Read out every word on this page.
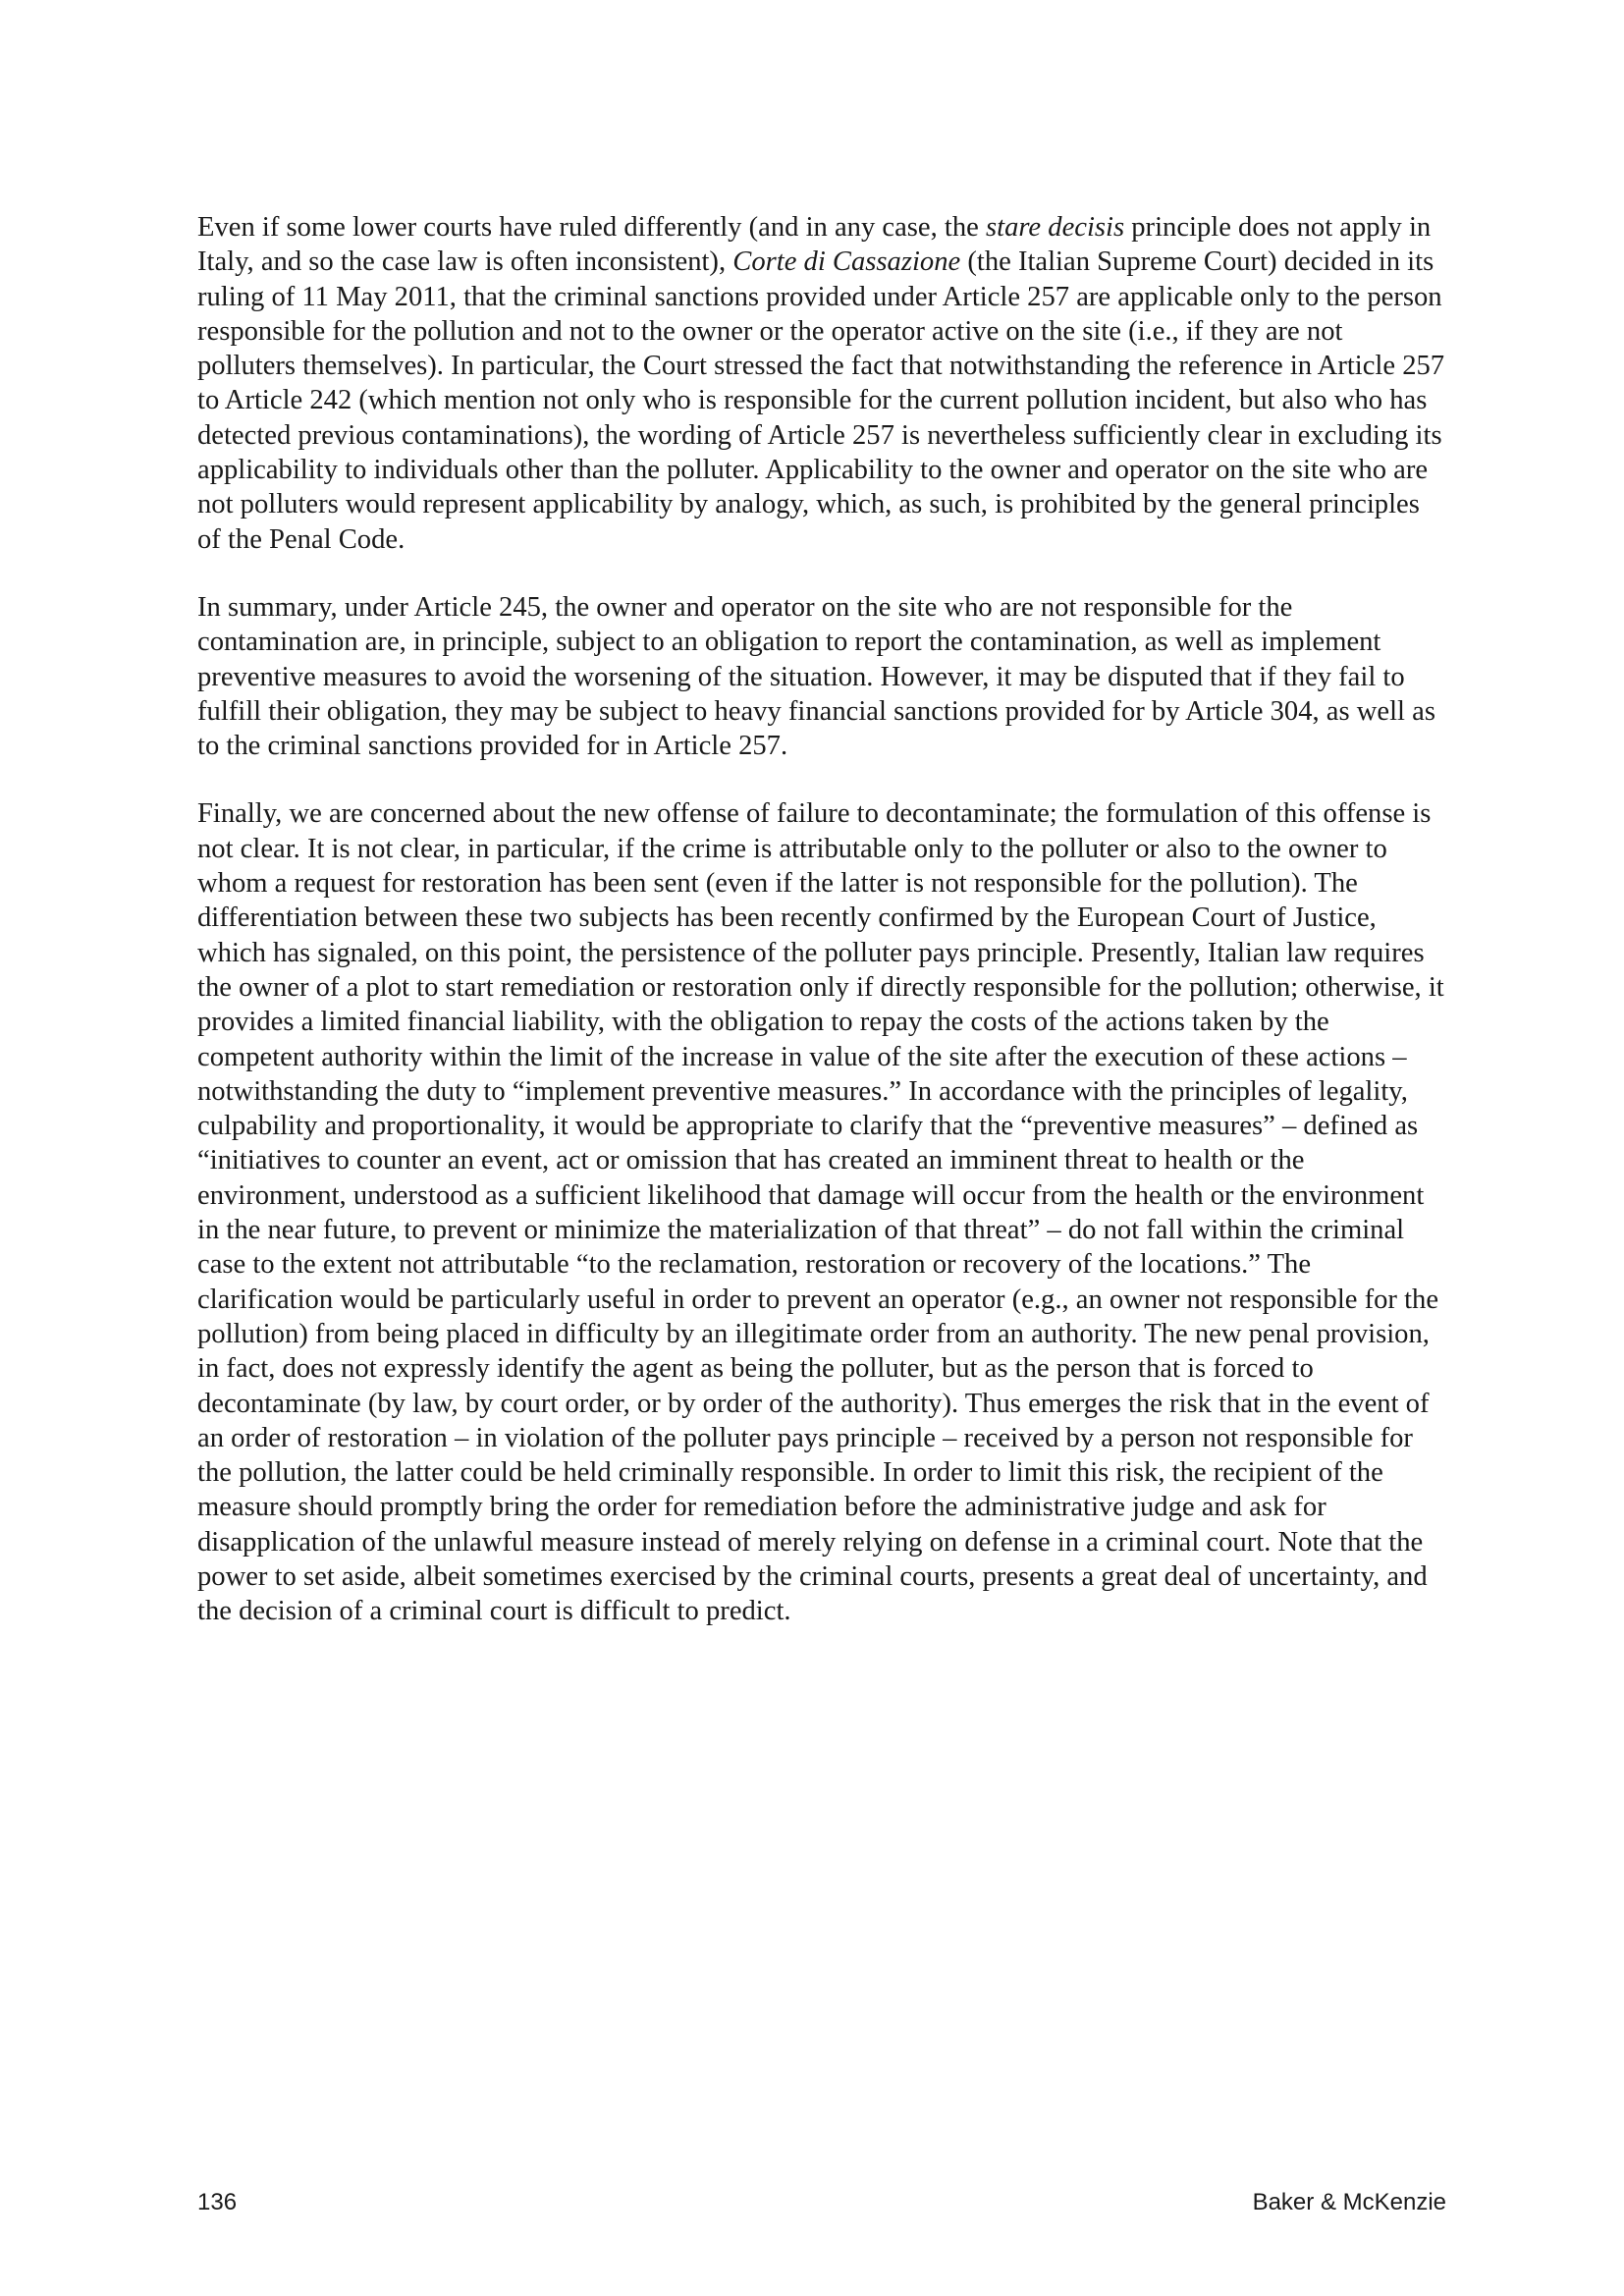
Even if some lower courts have ruled differently (and in any case, the stare decisis principle does not apply in Italy, and so the case law is often inconsistent), Corte di Cassazione (the Italian Supreme Court) decided in its ruling of 11 May 2011, that the criminal sanctions provided under Article 257 are applicable only to the person responsible for the pollution and not to the owner or the operator active on the site (i.e., if they are not polluters themselves). In particular, the Court stressed the fact that notwithstanding the reference in Article 257 to Article 242 (which mention not only who is responsible for the current pollution incident, but also who has detected previous contaminations), the wording of Article 257 is nevertheless sufficiently clear in excluding its applicability to individuals other than the polluter. Applicability to the owner and operator on the site who are not polluters would represent applicability by analogy, which, as such, is prohibited by the general principles of the Penal Code.

In summary, under Article 245, the owner and operator on the site who are not responsible for the contamination are, in principle, subject to an obligation to report the contamination, as well as implement preventive measures to avoid the worsening of the situation. However, it may be disputed that if they fail to fulfill their obligation, they may be subject to heavy financial sanctions provided for by Article 304, as well as to the criminal sanctions provided for in Article 257.

Finally, we are concerned about the new offense of failure to decontaminate; the formulation of this offense is not clear. It is not clear, in particular, if the crime is attributable only to the polluter or also to the owner to whom a request for restoration has been sent (even if the latter is not responsible for the pollution). The differentiation between these two subjects has been recently confirmed by the European Court of Justice, which has signaled, on this point, the persistence of the polluter pays principle. Presently, Italian law requires the owner of a plot to start remediation or restoration only if directly responsible for the pollution; otherwise, it provides a limited financial liability, with the obligation to repay the costs of the actions taken by the competent authority within the limit of the increase in value of the site after the execution of these actions – notwithstanding the duty to “implement preventive measures.” In accordance with the principles of legality, culpability and proportionality, it would be appropriate to clarify that the “preventive measures” – defined as “initiatives to counter an event, act or omission that has created an imminent threat to health or the environment, understood as a sufficient likelihood that damage will occur from the health or the environment in the near future, to prevent or minimize the materialization of that threat” – do not fall within the criminal case to the extent not attributable “to the reclamation, restoration or recovery of the locations.” The clarification would be particularly useful in order to prevent an operator (e.g., an owner not responsible for the pollution) from being placed in difficulty by an illegitimate order from an authority. The new penal provision, in fact, does not expressly identify the agent as being the polluter, but as the person that is forced to decontaminate (by law, by court order, or by order of the authority). Thus emerges the risk that in the event of an order of restoration – in violation of the polluter pays principle – received by a person not responsible for the pollution, the latter could be held criminally responsible. In order to limit this risk, the recipient of the measure should promptly bring the order for remediation before the administrative judge and ask for disapplication of the unlawful measure instead of merely relying on defense in a criminal court. Note that the power to set aside, albeit sometimes exercised by the criminal courts, presents a great deal of uncertainty, and the decision of a criminal court is difficult to predict.

136	Baker & McKenzie
